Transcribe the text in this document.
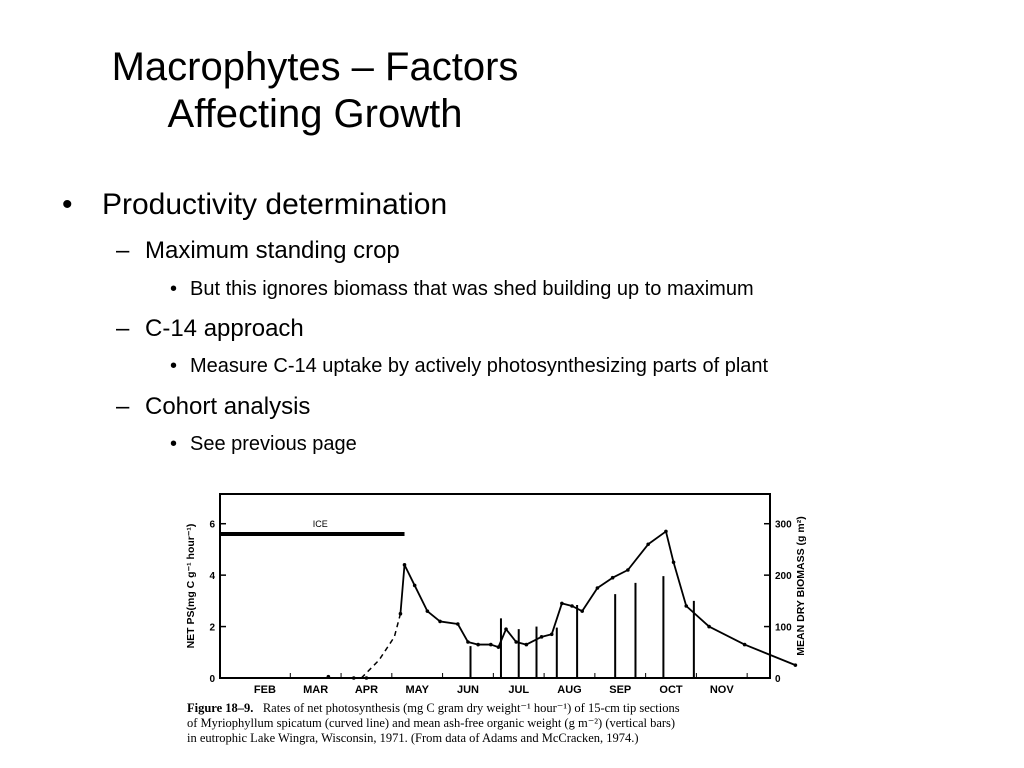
Macrophytes – Factors
Affecting Growth
• Productivity determination
– Maximum standing crop
• But this ignores biomass that was shed building up to maximum
– C-14 approach
• Measure C-14 uptake by actively photosynthesizing parts of plant
– Cohort analysis
• See previous page
0
2
4
6
0
100
200
300
FEB MAR APR MAY	JUN	JUL	AUG	SEP	OCT NOV
NET PS(mg C g⁻¹ hour⁻¹)	MEAN DRY BIOMASS (g m²)
ICE
Figure 18–9. Rates of net photosynthesis (mg C gram dry weight⁻¹ hour⁻¹) of 15-cm tip sections
of Myriophyllum spicatum (curved line) and mean ash-free organic weight (g m⁻²) (vertical bars)
in eutrophic Lake Wingra, Wisconsin, 1971. (From data of Adams and McCracken, 1974.)
